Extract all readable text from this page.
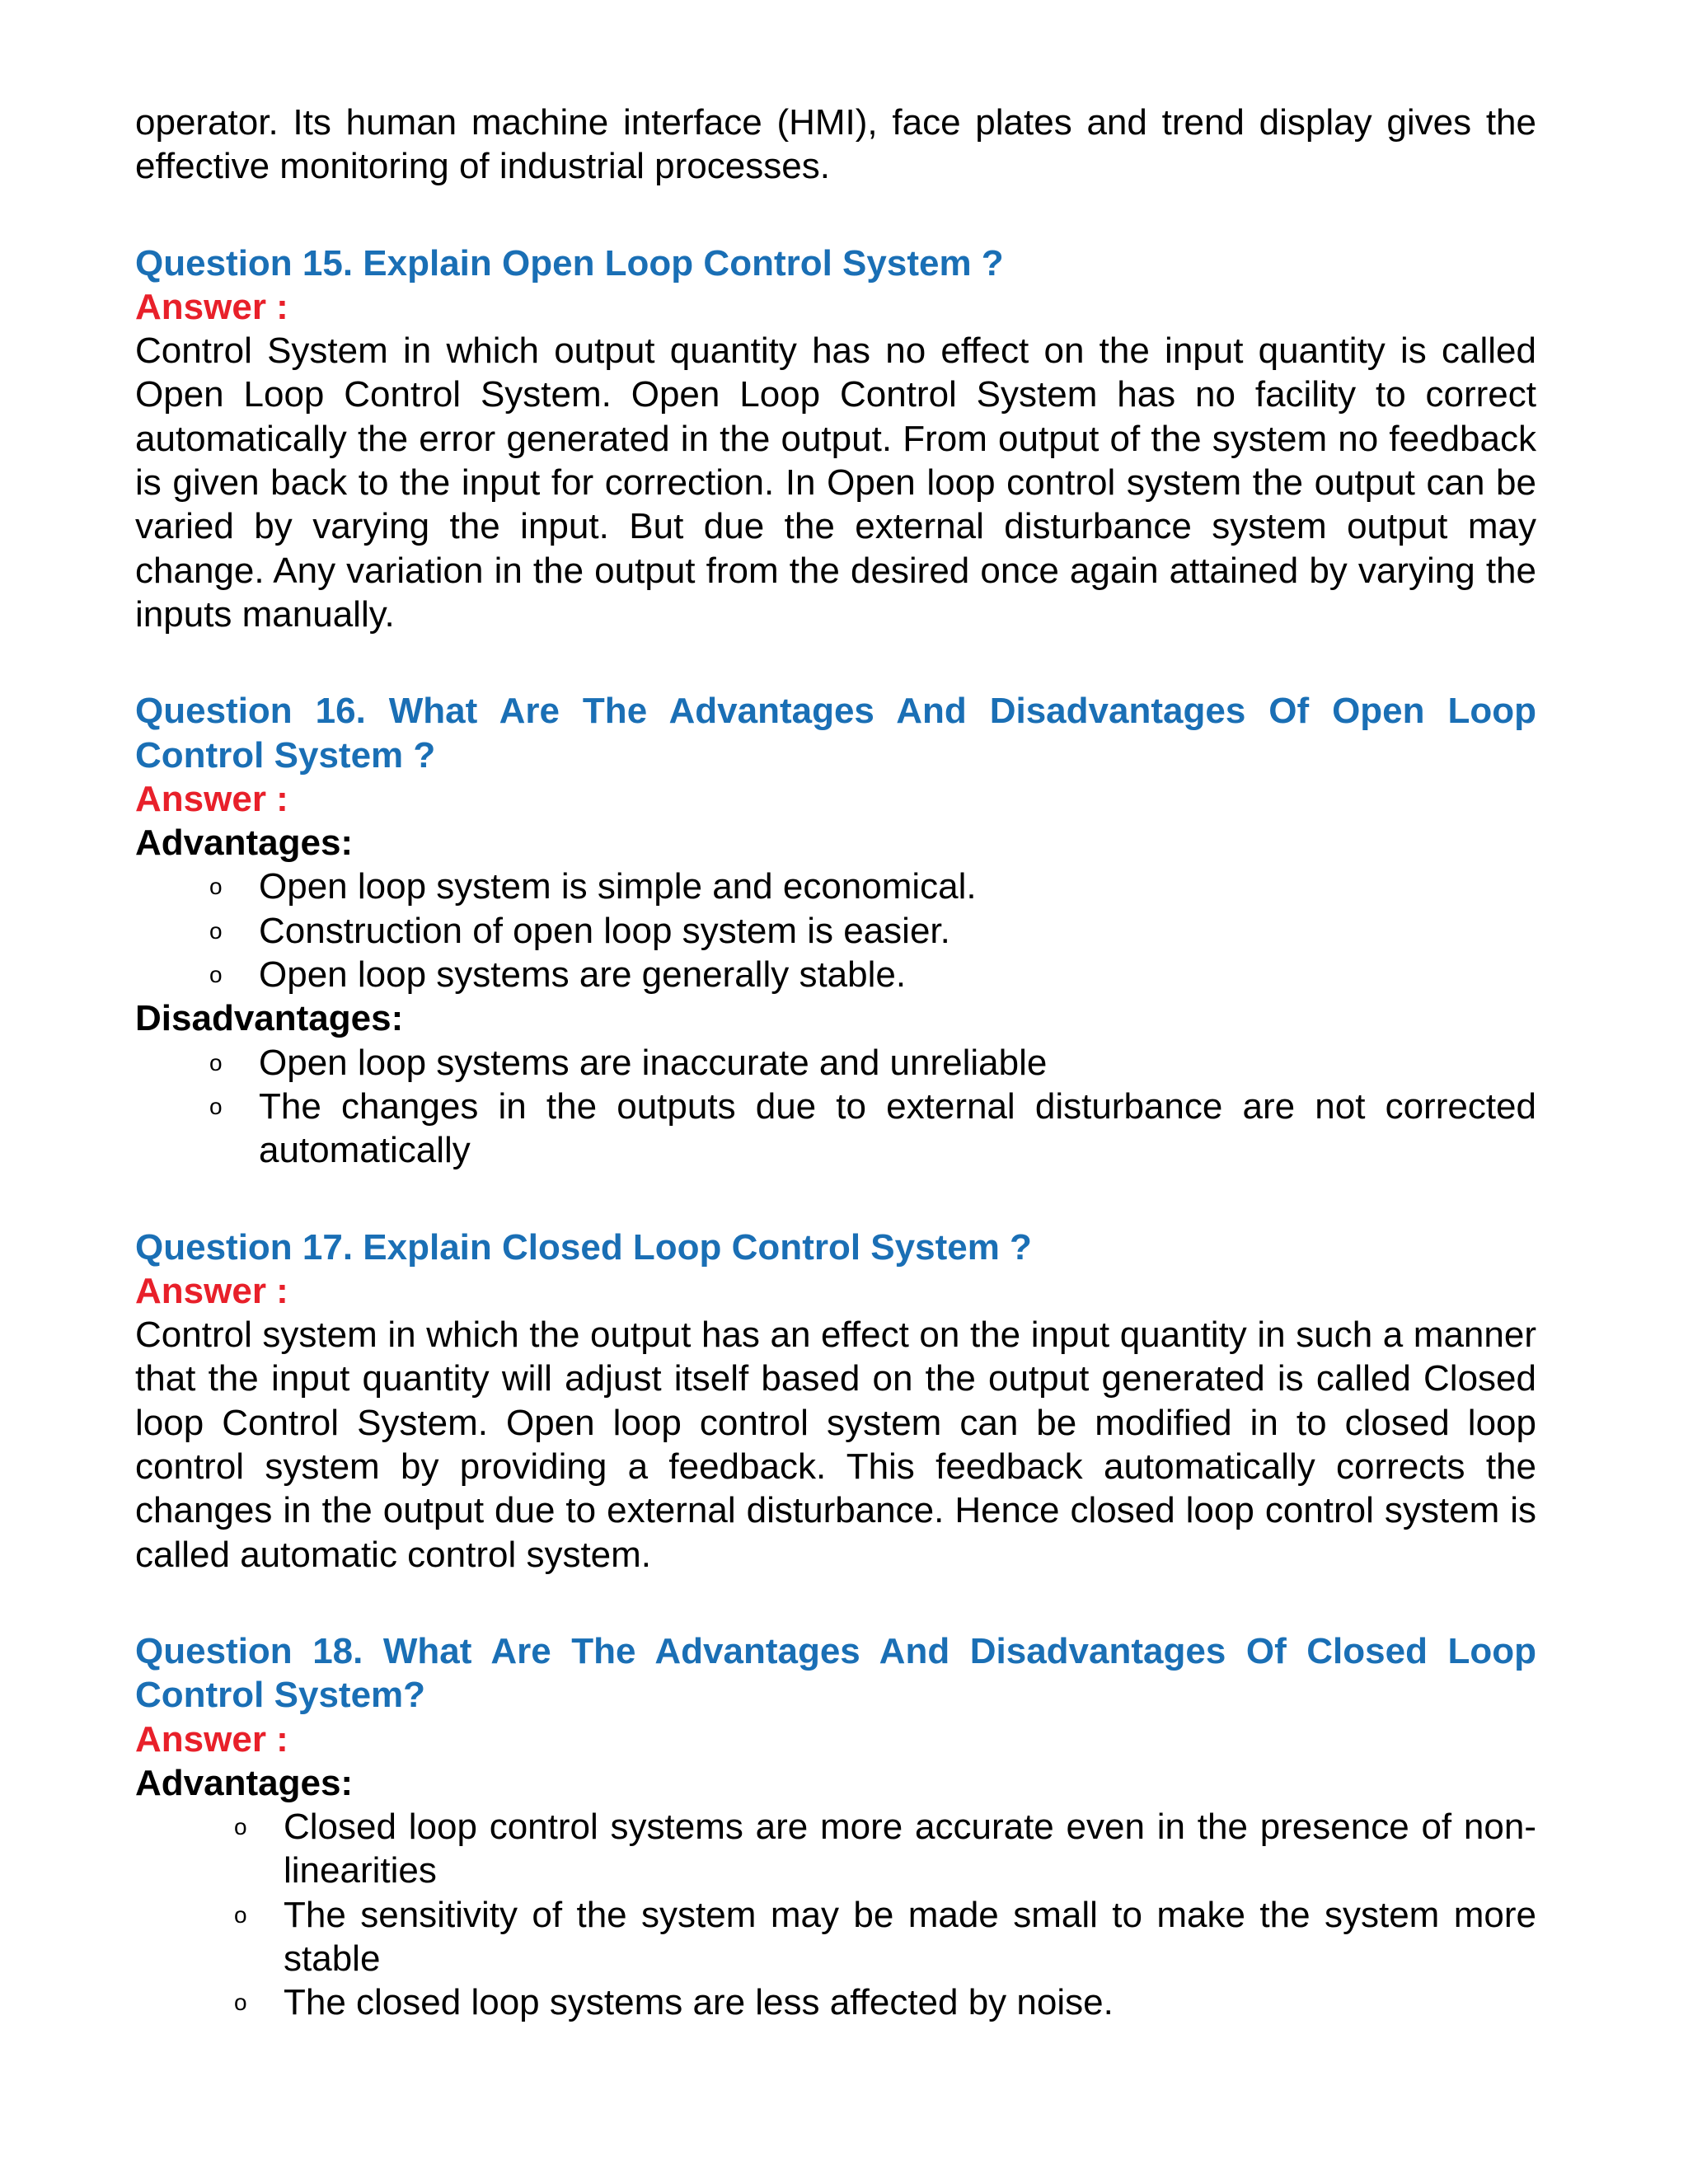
operator. Its human machine interface (HMI), face plates and trend display gives the effective monitoring of industrial processes.

Question 15. Explain Open Loop Control System ?

Answer :

Control System in which output quantity has no effect on the input quantity is called Open Loop Control System. Open Loop Control System has no facility to correct automatically the error generated in the output. From output of the system no feedback is given back to the input for correction. In Open loop control system the output can be varied by varying the input. But due the external disturbance system output may change. Any variation in the output from the desired once again attained by varying the inputs manually.

Question 16. What Are The Advantages And Disadvantages Of Open Loop Control System ?

Answer :

Advantages:

o Open loop system is simple and economical.
o Construction of open loop system is easier.
o Open loop systems are generally stable.

Disadvantages:

o Open loop systems are inaccurate and unreliable
o The changes in the outputs due to external disturbance are not corrected automatically

Question 17. Explain Closed Loop Control System ?

Answer :

Control system in which the output has an effect on the input quantity in such a manner that the input quantity will adjust itself based on the output generated is called Closed loop Control System. Open loop control system can be modified in to closed loop control system by providing a feedback. This feedback automatically corrects the changes in the output due to external disturbance. Hence closed loop control system is called automatic control system.

Question 18. What Are The Advantages And Disadvantages Of Closed Loop Control System?

Answer :

Advantages:

o Closed loop control systems are more accurate even in the presence of non-linearities
o The sensitivity of the system may be made small to make the system more stable
o The closed loop systems are less affected by noise.
